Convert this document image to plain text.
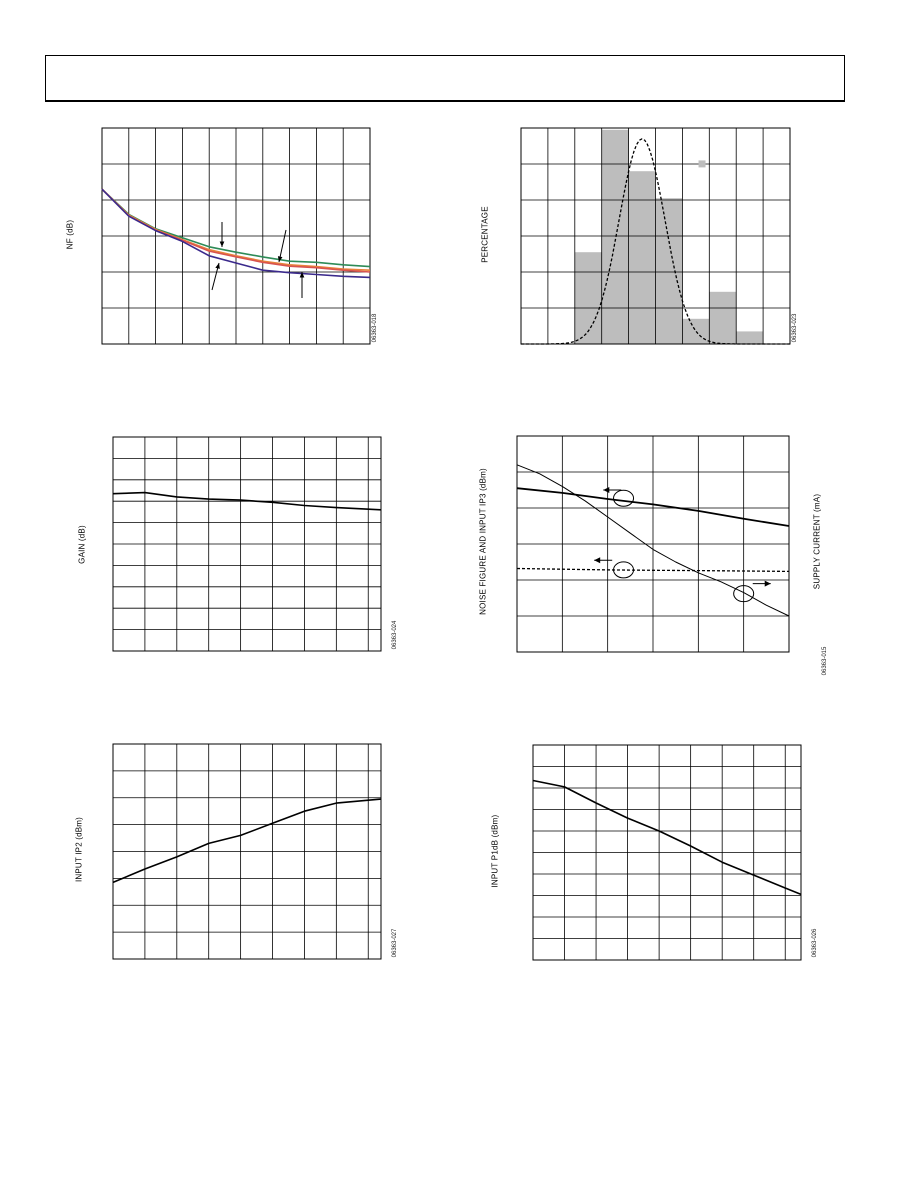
NF (dB)
06363-018
PERCENTAGE
06363-023
GAIN (dB)
06363-024
NOISE FIGURE AND INPUT IP3 (dBm)	SUPPLY CURRENT (mA)
06363-015
INPUT IP2 (dBm)
06363-027
INPUT P1dB (dBm)
06363-026
